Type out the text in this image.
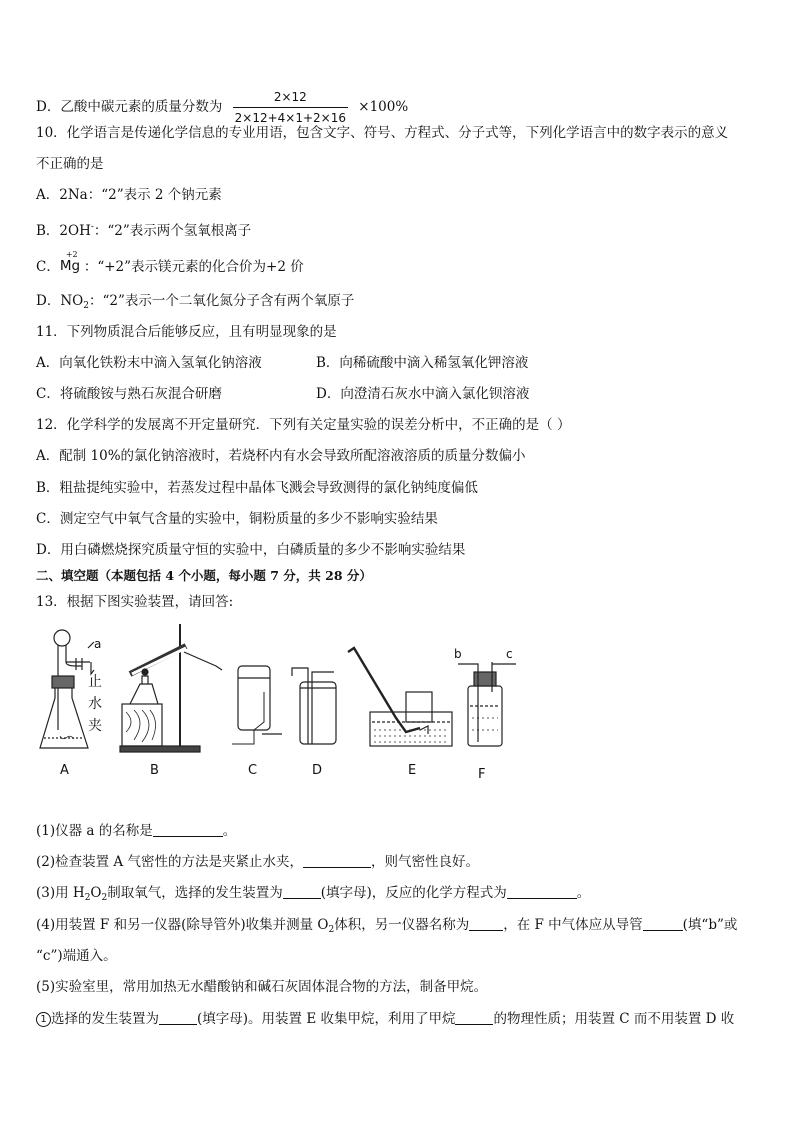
D．乙酸中碳元素的质量分数为 $\frac{2\times 12}{2\times 12+4\times 1+2\times 16} \times 100\%$
10．化学语言是传递化学信息的专业用语，包含文字、符号、方程式、分子式等，下列化学语言中的数字表示的意义
不正确的是
A．2Na：“2”表示 2 个钠元素
B．2OH-：“2”表示两个氢氧根离子
C．
+2
Mg ：“+2”表示镁元素的化合价为+2 价
D．$NO_2$：“2”表示一个二氧化氮分子含有两个氧原子
11．下列物质混合后能够反应，且有明显现象的是
A．向氧化铁粉末中滴入氢氧化钠溶液	B．向稀硫酸中滴入稀氢氧化钾溶液
C．将硫酸铵与熟石灰混合研磨	D．向澄清石灰水中滴入氯化钡溶液
12．化学科学的发展离不开定量研究．下列有关定量实验的误差分析中，不正确的是（ ）
A．配制 10%的氯化钠溶液时，若烧杯内有水会导致所配溶液溶质的质量分数偏小
B．粗盐提纯实验中，若蒸发过程中晶体飞溅会导致测得的氯化钠纯度偏低
C．测定空气中氧气含量的实验中，铜粉质量的多少不影响实验结果
D．用白磷燃烧探究质量守恒的实验中，白磷质量的多少不影响实验结果
二、填空题（本题包括 4 个小题，每小题 7 分，共 28 分）
13．根据下图实验装置，请回答:
a
止
水
夹
b	c
A	B	C	D	E	F
(1)仪器 a 的名称是	。
(2)检查装置 A 气密性的方法是夹紧止水夹，	，则气密性良好。
(3)用 $H_2O_2$制取氧气，选择的发生装置为	(填字母)，反应的化学方程式为	。
(4)用装置 F 和另一仪器(除导管外)收集并测量 $O_2$体积，另一仪器名称为	，在 F 中气体应从导管	(填“b”或
“c”)端通入。
(5)实验室里，常用加热无水醋酸钠和碱石灰固体混合物的方法，制备甲烷。
1 选择的发生装置为	(填字母)。用装置 E 收集甲烷，利用了甲烷	的物理性质；用装置 C 而不用装置 D 收
